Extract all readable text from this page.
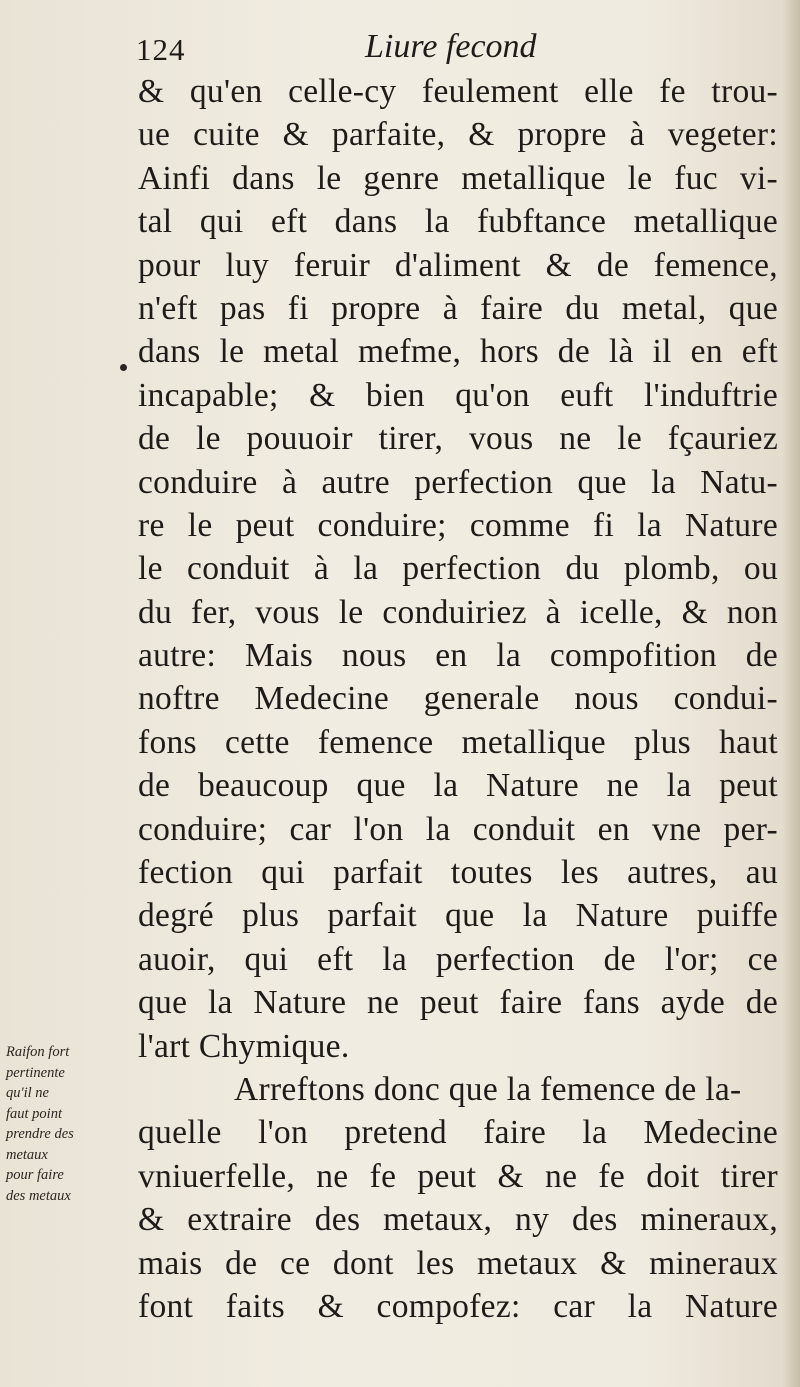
124	Liure fecond
& qu'en celle-cy feulement elle fe trou-
ue cuite & parfaite, & propre à vegeter:
Ainfi dans le genre metallique le fuc vi-
tal qui eft dans la fubftance metallique
pour luy feruir d'aliment & de femence,
n'eft pas fi propre à faire du metal, que
dans le metal mefme, hors de là il en eft
incapable; & bien qu'on euft l'induftrie
de le pouuoir tirer, vous ne le fçauriez
conduire à autre perfection que la Natu-
re le peut conduire; comme fi la Nature
le conduit à la perfection du plomb, ou
du fer, vous le conduiriez à icelle, & non
autre: Mais nous en la compofition de
noftre Medecine generale nous condui-
fons cette femence metallique plus haut
de beaucoup que la Nature ne la peut
conduire; car l'on la conduit en vne per-
fection qui parfait toutes les autres, au
degré plus parfait que la Nature puiffe
auoir, qui eft la perfection de l'or; ce
que la Nature ne peut faire fans ayde de
l'art Chymique.
Arreftons donc que la femence de la-
quelle l'on pretend faire la Medecine
vniuerfelle, ne fe peut & ne fe doit tirer
& extraire des metaux, ny des mineraux,
mais de ce dont les metaux & mineraux
font faits & compofez: car la Nature
Raifon fort
pertinente
qu'il ne
faut point
prendre des
metaux
pour faire
des metaux
